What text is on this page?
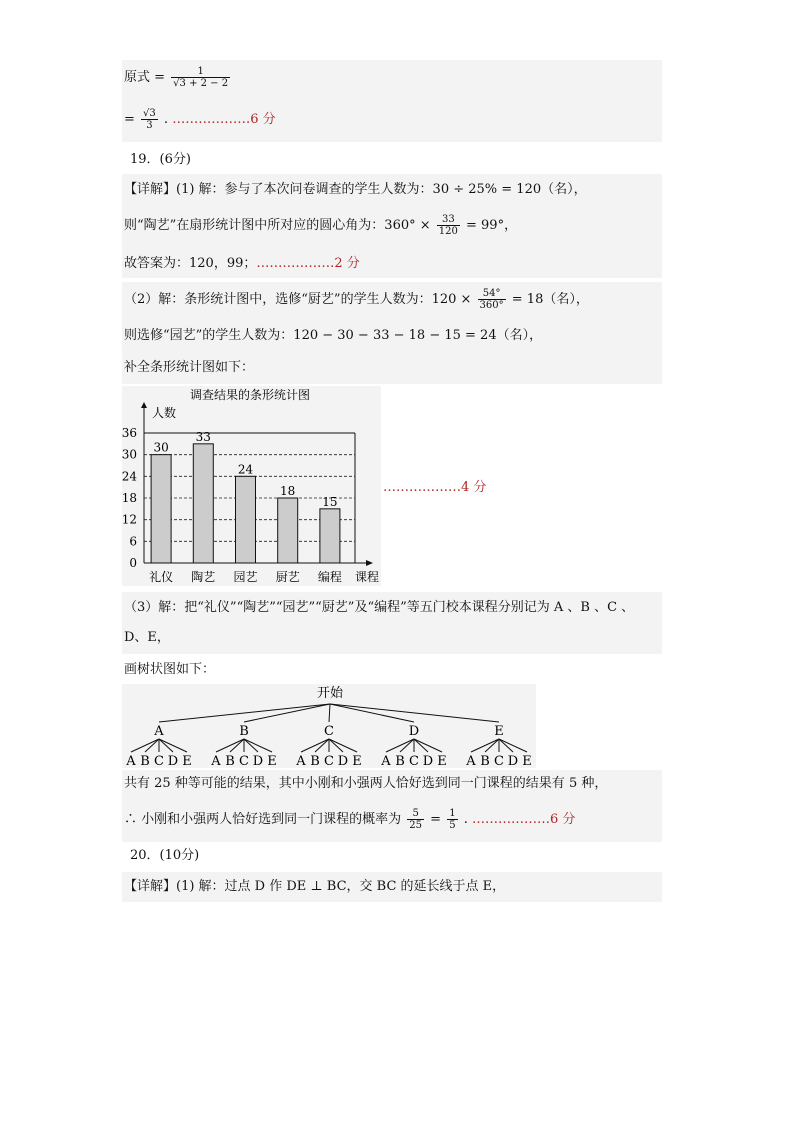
原式 = $\frac{1}{√3 + 2 - 2}$
= $\frac{√3}{3}$ . ………………6 分
19．(6分)
【详解】(1) 解：参与了本次问卷调查的学生人数为：30 ÷ 25% = 120（名），
则“陶艺”在扇形统计图中所对应的圆心角为：$360^\circ \times \frac{33}{120} = 99^\circ$，
故答案为：120，99；………………2 分
（2）解：条形统计图中，选修“厨艺”的学生人数为：$120 \times \frac{54^\circ}{360^\circ} = 18$（名），
则选修“园艺”的学生人数为：120 − 30 − 33 − 18 − 15 = 24（名），
补全条形统计图如下：
调查结果的条形统计图
人数
0
6
12
18
24
30
36
30
礼仪
33
陶艺
24
园艺
18
厨艺
15
编程 课程
………………4 分
（3）解：把“礼仪”“陶艺”“园艺”“厨艺”及“编程”等五门校本课程分别记为 A 、B 、C 、
D、E，
画树状图如下：
开始
A
A B C D E
B
A B C D E
C
A B C D E
D
A B C D E
E
A B C D E
共有 25 种等可能的结果，其中小刚和小强两人恰好选到同一门课程的结果有 5 种，
∴ 小刚和小强两人恰好选到同一门课程的概率为 $\frac{5}{25} = \frac{1}{5}$ . ………………6 分
20．(10分)
【详解】(1) 解：过点 D 作 DE ⊥ BC，交 BC 的延长线于点 E，
